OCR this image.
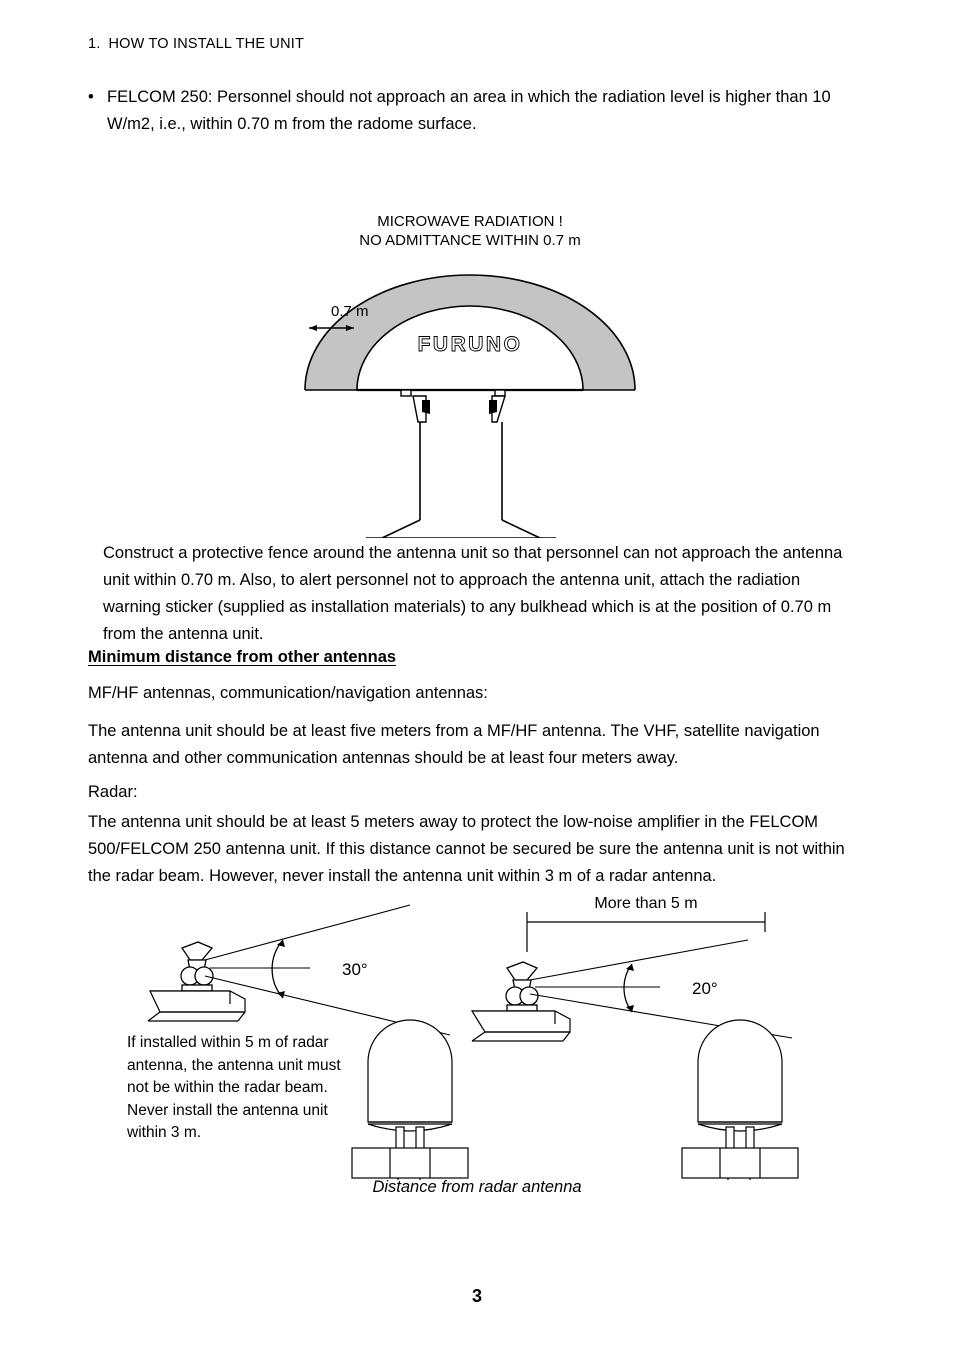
1. HOW TO INSTALL THE UNIT
• FELCOM 250: Personnel should not approach an area in which the radiation level is higher than 10 W/m2, i.e., within 0.70 m from the radome surface.
MICROWAVE RADIATION !
NO ADMITTANCE WITHIN 0.7 m
0.7 m
FURUNO
Construct a protective fence around the antenna unit so that personnel can not approach the antenna unit within 0.70 m. Also, to alert personnel not to approach the antenna unit, attach the radiation warning sticker (supplied as installation materials) to any bulkhead which is at the position of 0.70 m from the antenna unit.
Minimum distance from other antennas
MF/HF antennas, communication/navigation antennas:
The antenna unit should be at least five meters from a MF/HF antenna. The VHF, satellite navigation antenna and other communication antennas should be at least four meters away.
Radar:
The antenna unit should be at least 5 meters away to protect the low-noise amplifier in the FELCOM 500/FELCOM 250 antenna unit. If this distance cannot be secured be sure the antenna unit is not within the radar beam. However, never install the antenna unit within 3 m of a radar antenna.
30°
More than 5 m
20°
If installed within 5 m of radar antenna, the antenna unit must not be within the radar beam. Never install the antenna unit within 3 m.
Distance from radar antenna
3
